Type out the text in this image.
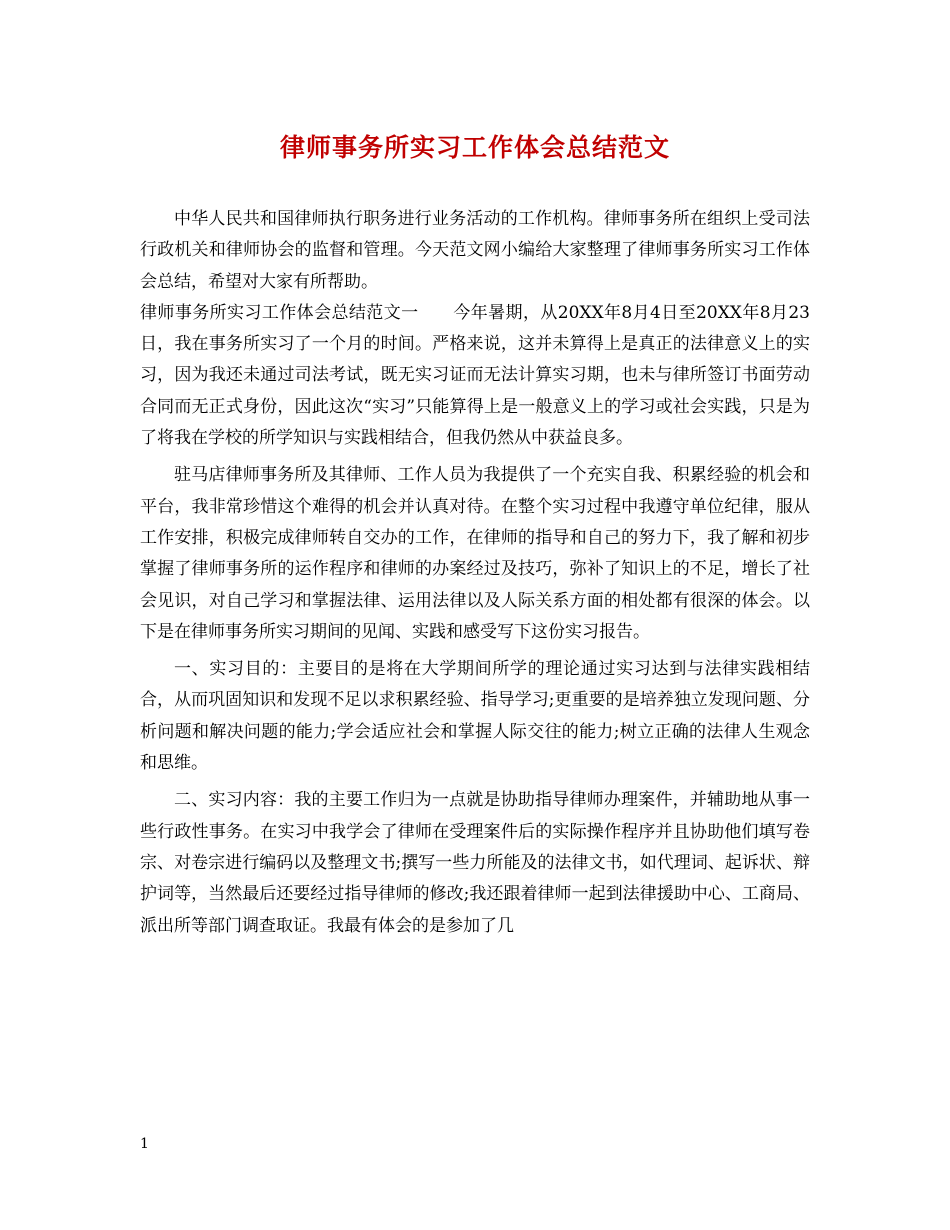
律师事务所实习工作体会总结范文

中华人民共和国律师执行职务进行业务活动的工作机构。律师事务所在组织上受司法行政机关和律师协会的监督和管理。今天范文网小编给大家整理了律师事务所实习工作体会总结，希望对大家有所帮助。

律师事务所实习工作体会总结范文一　　今年暑期，从20XX年8月4日至20XX年8月23日，我在事务所实习了一个月的时间。严格来说，这并未算得上是真正的法律意义上的实习，因为我还未通过司法考试，既无实习证而无法计算实习期，也未与律所签订书面劳动合同而无正式身份，因此这次“实习”只能算得上是一般意义上的学习或社会实践，只是为了将我在学校的所学知识与实践相结合，但我仍然从中获益良多。

驻马店律师事务所及其律师、工作人员为我提供了一个充实自我、积累经验的机会和平台，我非常珍惜这个难得的机会并认真对待。在整个实习过程中我遵守单位纪律，服从工作安排，积极完成律师转自交办的工作，在律师的指导和自己的努力下，我了解和初步掌握了律师事务所的运作程序和律师的办案经过及技巧，弥补了知识上的不足，增长了社会见识，对自己学习和掌握法律、运用法律以及人际关系方面的相处都有很深的体会。以下是在律师事务所实习期间的见闻、实践和感受写下这份实习报告。

一、实习目的：主要目的是将在大学期间所学的理论通过实习达到与法律实践相结合，从而巩固知识和发现不足以求积累经验、指导学习;更重要的是培养独立发现问题、分析问题和解决问题的能力;学会适应社会和掌握人际交往的能力;树立正确的法律人生观念和思维。

二、实习内容：我的主要工作归为一点就是协助指导律师办理案件，并辅助地从事一些行政性事务。在实习中我学会了律师在受理案件后的实际操作程序并且协助他们填写卷宗、对卷宗进行编码以及整理文书;撰写一些力所能及的法律文书，如代理词、起诉状、辩护词等，当然最后还要经过指导律师的修改;我还跟着律师一起到法律援助中心、工商局、派出所等部门调查取证。我最有体会的是参加了几

1
